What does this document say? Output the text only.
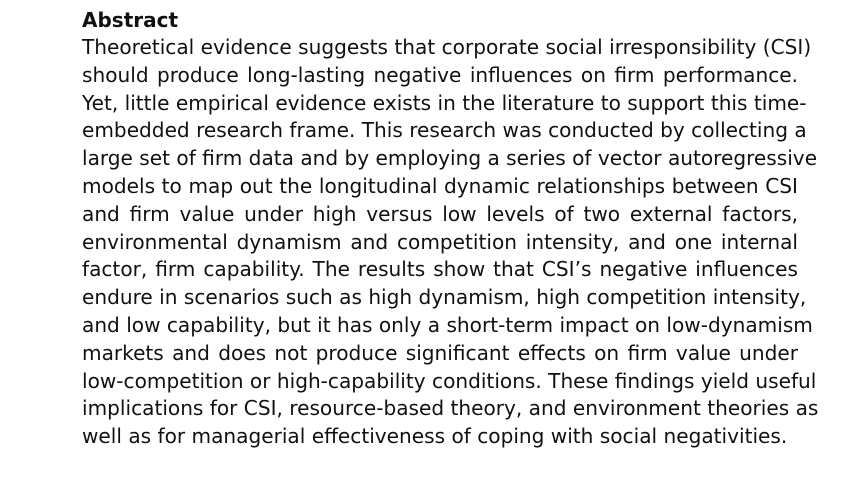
Abstract
Theoretical evidence suggests that corporate social irresponsibility (CSI)
should produce long-lasting negative influences on firm performance.
Yet, little empirical evidence exists in the literature to support this time-
embedded research frame. This research was conducted by collecting a
large set of firm data and by employing a series of vector autoregressive
models to map out the longitudinal dynamic relationships between CSI
and firm value under high versus low levels of two external factors,
environmental dynamism and competition intensity, and one internal
factor, firm capability. The results show that CSI’s negative influences
endure in scenarios such as high dynamism, high competition intensity,
and low capability, but it has only a short-term impact on low-dynamism
markets and does not produce significant effects on firm value under
low-competition or high-capability conditions. These findings yield useful
implications for CSI, resource-based theory, and environment theories as
well as for managerial effectiveness of coping with social negativities.
